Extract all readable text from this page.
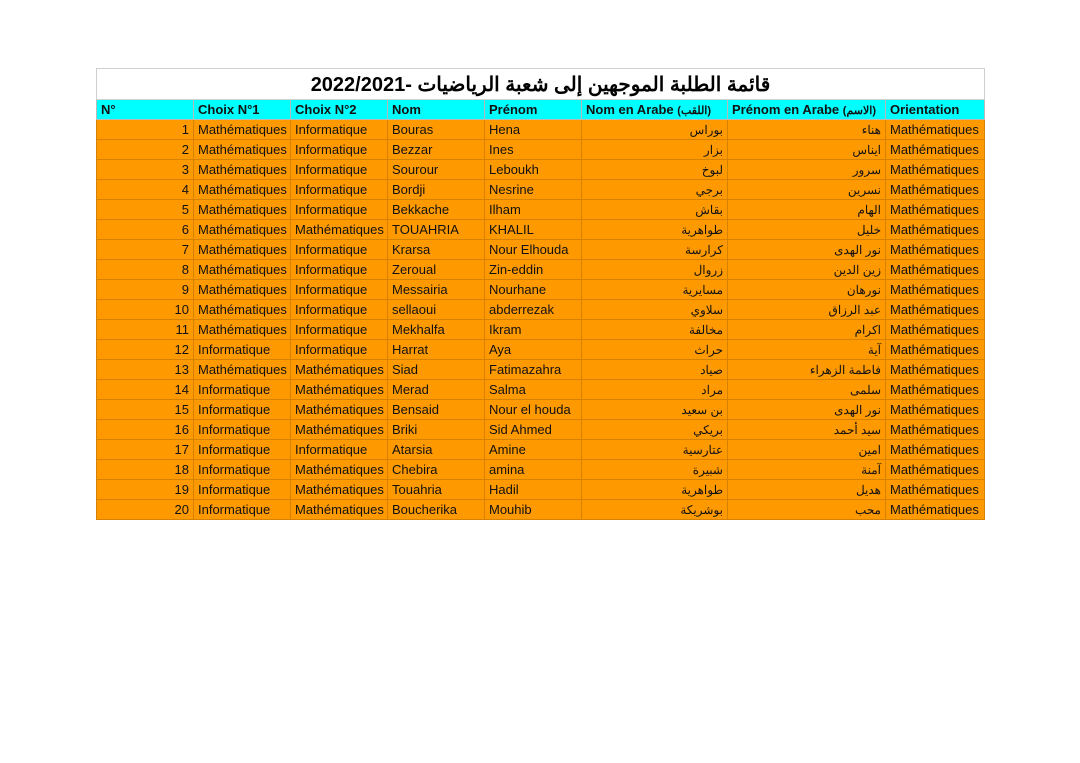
قائمة الطلبة الموجهين إلى شعبة الرياضيات -2022/2021							
N°	Choix N°1	Choix N°2	Nom	Prénom	Nom en Arabe (اللقب)	Prénom en Arabe (الاسم)	Orientation
1	Mathématiques	Informatique	Bouras	Hena	بوراس	هناء	Mathématiques
2	Mathématiques	Informatique	Bezzar	Ines	بزار	ايناس	Mathématiques
3	Mathématiques	Informatique	Sourour	Leboukh	لبوخ	سرور	Mathématiques
4	Mathématiques	Informatique	Bordji	Nesrine	برجي	نسرين	Mathématiques
5	Mathématiques	Informatique	Bekkache	Ilham	بقاش	الهام	Mathématiques
6	Mathématiques	Mathématiques	TOUAHRIA	KHALIL	طواهرية	خليل	Mathématiques
7	Mathématiques	Informatique	Krarsa	Nour Elhouda	كرارسة	نور الهدى	Mathématiques
8	Mathématiques	Informatique	Zeroual	Zin-eddin	زروال	زين الدين	Mathématiques
9	Mathématiques	Informatique	Messairia	Nourhane	مسايرية	نورهان	Mathématiques
10	Mathématiques	Informatique	sellaoui	abderrezak	سلاوي	عبد الرزاق	Mathématiques
11	Mathématiques	Informatique	Mekhalfa	Ikram	مخالفة	اكرام	Mathématiques
12	Informatique	Informatique	Harrat	Aya	حراث	آية	Mathématiques
13	Mathématiques	Mathématiques	Siad	Fatimazahra	صياد	فاطمة الزهراء	Mathématiques
14	Informatique	Mathématiques	Merad	Salma	مراد	سلمى	Mathématiques
15	Informatique	Mathématiques	Bensaid	Nour el houda	بن سعيد	نور الهدى	Mathématiques
16	Informatique	Mathématiques	Briki	Sid Ahmed	بريكي	سيد أحمد	Mathématiques
17	Informatique	Informatique	Atarsia	Amine	عتارسية	امين	Mathématiques
18	Informatique	Mathématiques	Chebira	amina	شبيرة	آمنة	Mathématiques
19	Informatique	Mathématiques	Touahria	Hadil	طواهرية	هديل	Mathématiques
20	Informatique	Mathématiques	Boucherika	Mouhib	بوشريكة	محب	Mathématiques
